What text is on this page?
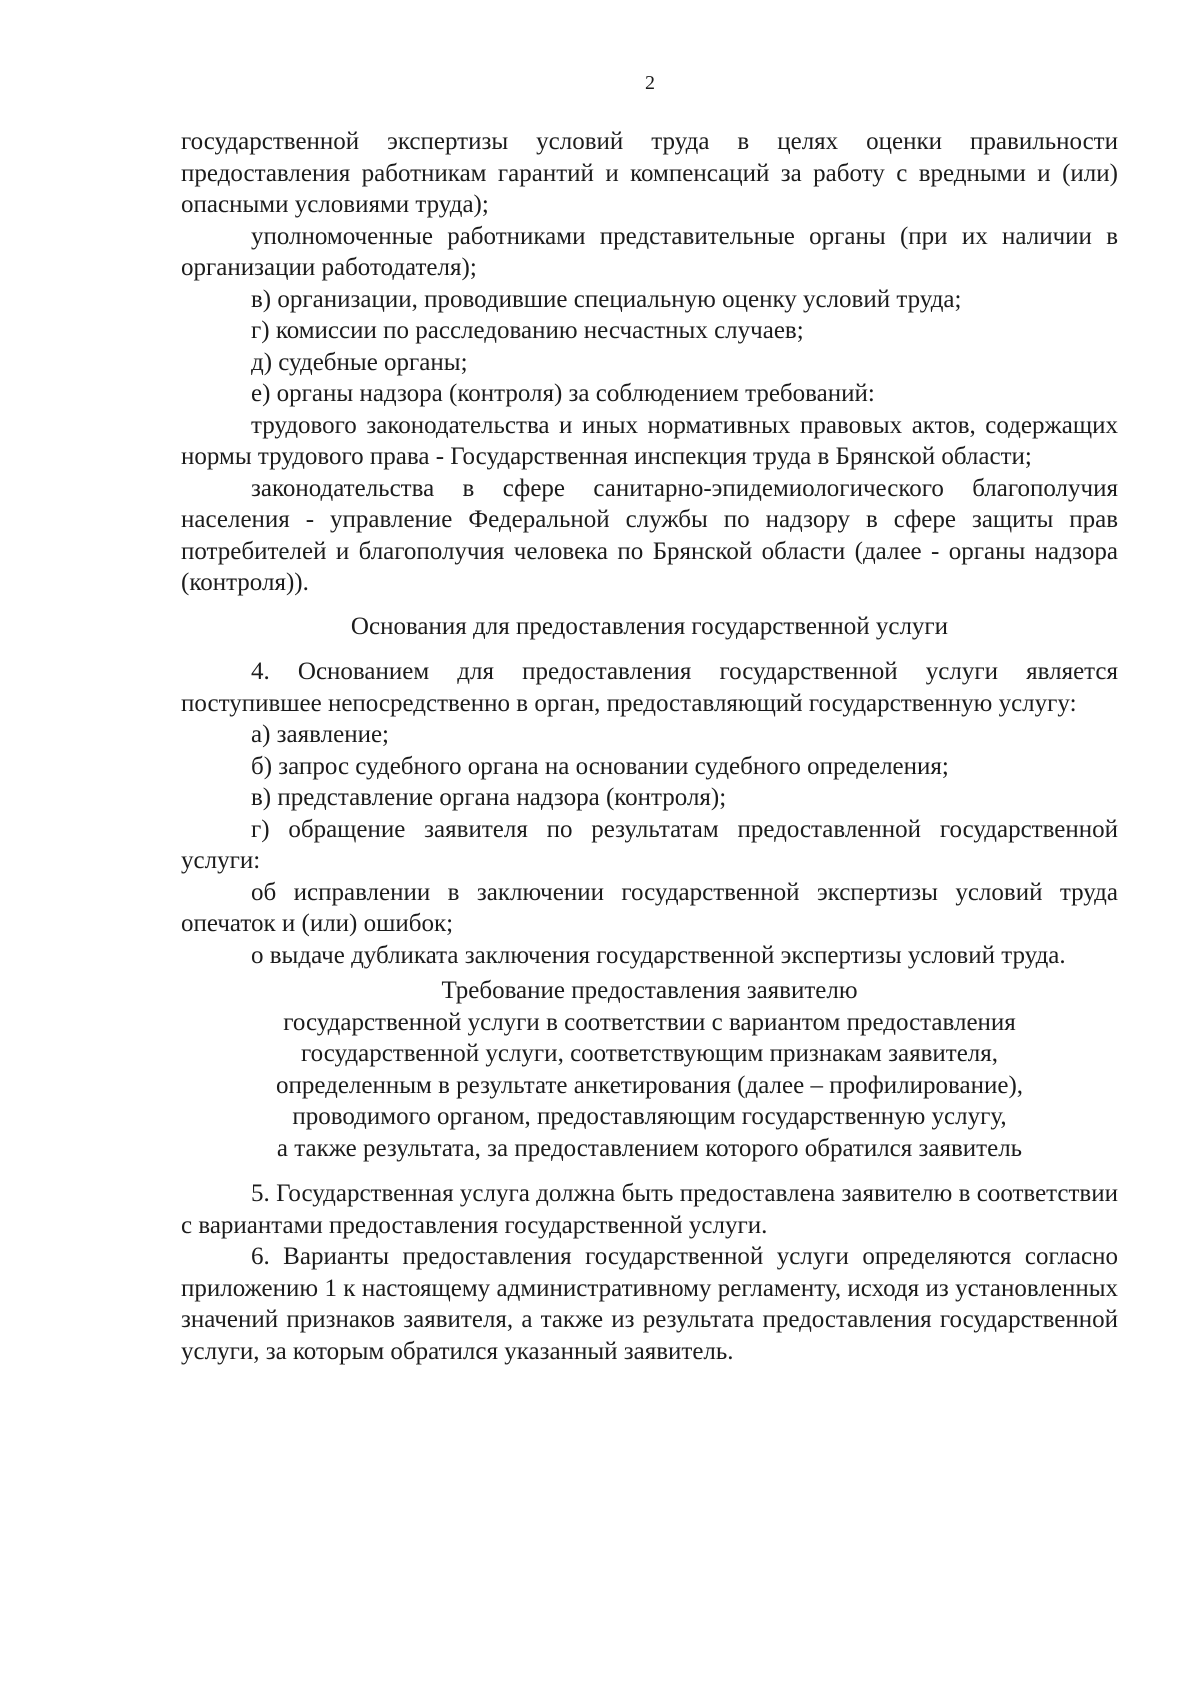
2

государственной экспертизы условий труда в целях оценки правильности предоставления работникам гарантий и компенсаций за работу с вредными и (или) опасными условиями труда);

уполномоченные работниками представительные органы (при их наличии в организации работодателя);

в) организации, проводившие специальную оценку условий труда;

г) комиссии по расследованию несчастных случаев;

д) судебные органы;

е) органы надзора (контроля) за соблюдением требований:

трудового законодательства и иных нормативных правовых актов, содержащих нормы трудового права - Государственная инспекция труда в Брянской области;

законодательства в сфере санитарно-эпидемиологического благополучия населения - управление Федеральной службы по надзору в сфере защиты прав потребителей и благополучия человека по Брянской области (далее - органы надзора (контроля)).

Основания для предоставления государственной услуги

4. Основанием для предоставления государственной услуги является поступившее непосредственно в орган, предоставляющий государственную услугу:

а) заявление;

б) запрос судебного органа на основании судебного определения;

в) представление органа надзора (контроля);

г) обращение заявителя по результатам предоставленной государственной услуги:

об исправлении в заключении государственной экспертизы условий труда опечаток и (или) ошибок;

о выдаче дубликата заключения государственной экспертизы условий труда.

Требование предоставления заявителю
государственной услуги в соответствии с вариантом предоставления
государственной услуги, соответствующим признакам заявителя,
определенным в результате анкетирования (далее – профилирование),
проводимого органом, предоставляющим государственную услугу,
а также результата, за предоставлением которого обратился заявитель

5. Государственная услуга должна быть предоставлена заявителю в соответствии с вариантами предоставления государственной услуги.

6. Варианты предоставления государственной услуги определяются согласно приложению 1 к настоящему административному регламенту, исходя из установленных значений признаков заявителя, а также из результата предоставления государственной услуги, за которым обратился указанный заявитель.
